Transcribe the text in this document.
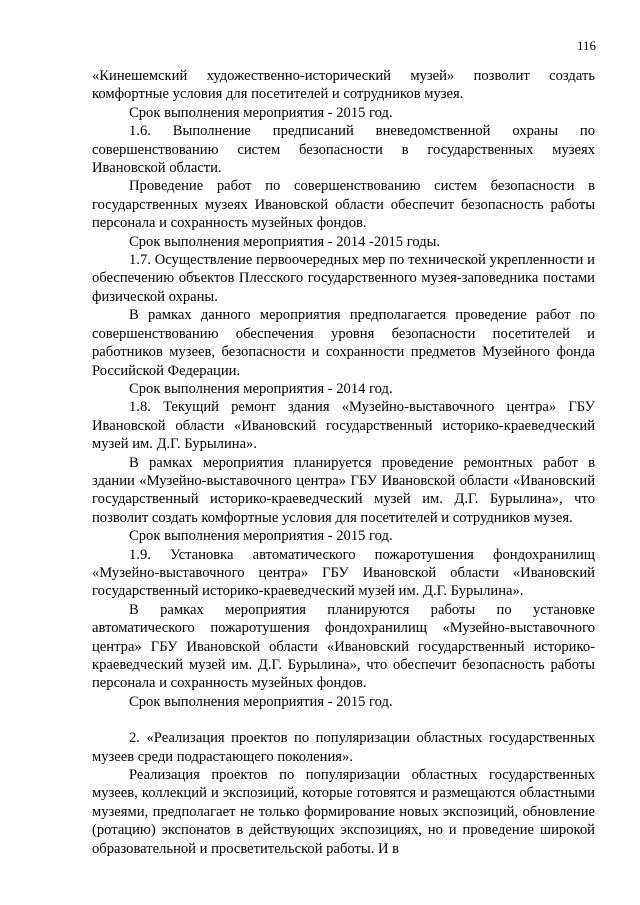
116

«Кинешемский художественно-исторический музей» позволит создать комфортные условия для посетителей и сотрудников музея.

Срок выполнения мероприятия - 2015 год.

1.6. Выполнение предписаний вневедомственной охраны по совершенствованию систем безопасности в государственных музеях Ивановской области.

Проведение работ по совершенствованию систем безопасности в государственных музеях Ивановской области обеспечит безопасность работы персонала и сохранность музейных фондов.

Срок выполнения мероприятия - 2014 -2015 годы.

1.7. Осуществление первоочередных мер по технической укрепленности и обеспечению объектов Плесского государственного музея-заповедника постами физической охраны.

В рамках данного мероприятия предполагается проведение работ по совершенствованию обеспечения уровня безопасности посетителей и работников музеев, безопасности и сохранности предметов Музейного фонда Российской Федерации.

Срок выполнения мероприятия - 2014 год.

1.8. Текущий ремонт здания «Музейно-выставочного центра» ГБУ Ивановской области «Ивановский государственный историко-краеведческий музей им. Д.Г. Бурылина».

В рамках мероприятия планируется проведение ремонтных работ в здании «Музейно-выставочного центра» ГБУ Ивановской области «Ивановский государственный историко-краеведческий музей им. Д.Г. Бурылина», что позволит создать комфортные условия для посетителей и сотрудников музея.

Срок выполнения мероприятия - 2015 год.

1.9. Установка автоматического пожаротушения фондохранилищ «Музейно-выставочного центра» ГБУ Ивановской области «Ивановский государственный историко-краеведческий музей им. Д.Г. Бурылина».

В рамках мероприятия планируются работы по установке автоматического пожаротушения фондохранилищ «Музейно-выставочного центра» ГБУ Ивановской области «Ивановский государственный историко-краеведческий музей им. Д.Г. Бурылина», что обеспечит безопасность работы персонала и сохранность музейных фондов.

Срок выполнения мероприятия - 2015 год.

2. «Реализация проектов по популяризации областных государственных музеев среди подрастающего поколения».

Реализация проектов по популяризации областных государственных музеев, коллекций и экспозиций, которые готовятся и размещаются областными музеями, предполагает не только формирование новых экспозиций, обновление (ротацию) экспонатов в действующих экспозициях, но и проведение широкой образовательной и просветительской работы. И в
